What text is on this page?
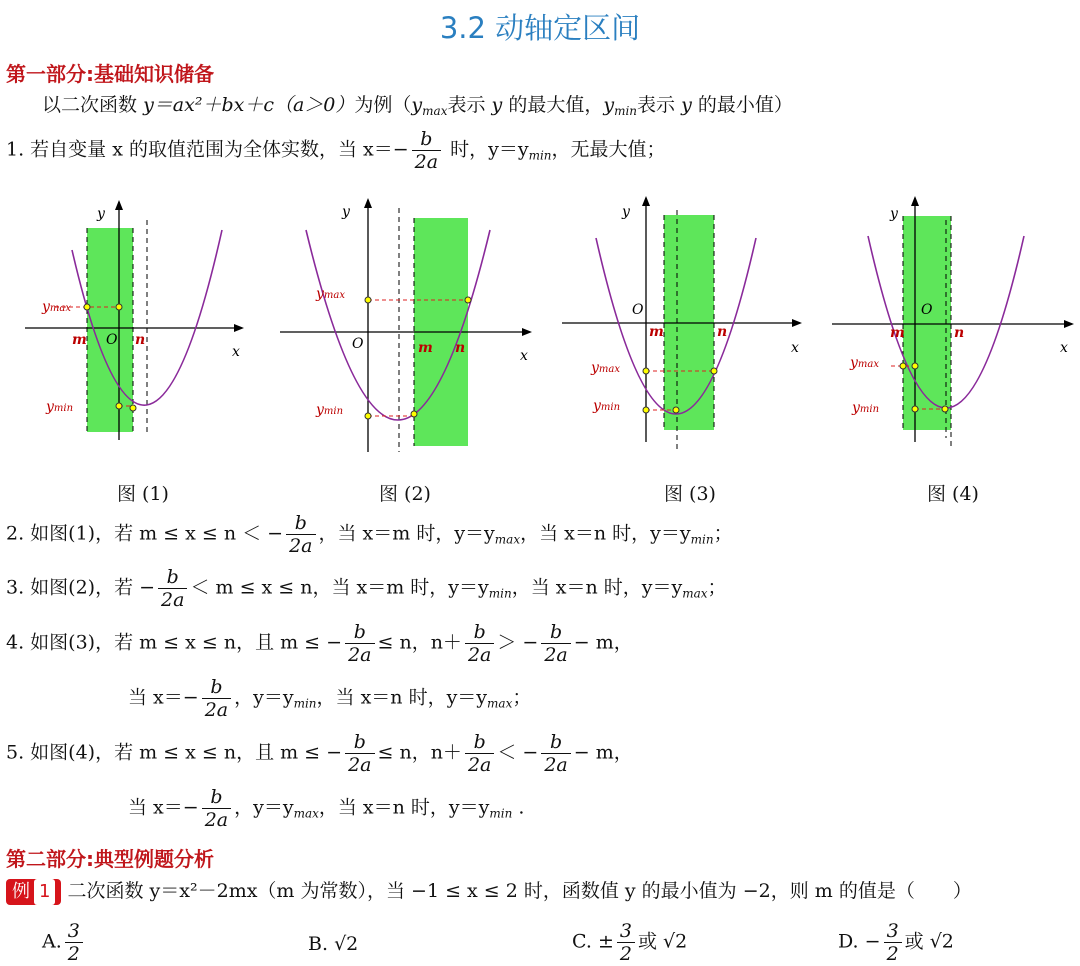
3.2 动轴定区间
第一部分:基础知识储备
以二次函数 y＝ax²＋bx＋c（a＞0）为例（$y_{max}$表示 y 的最大值，$y_{min}$表示 y 的最小值）
1. 若自变量 x 的取值范围为全体实数，当 $x=- \frac{b}{2a}$ 时，$y=y_{min}$，无最大值；
ymax
ymin
m	n
O
x
y
ymax
ymin
m n
O
x
y
ymax
ymin
m	n
O
x
y
ymax
ymin
m	n
O
x
y
图 (1)	图 (2)	图 (3)	图 (4)
2. 如图(1)，若 m ≤ x ≤ n ＜ − $\frac{b}{2a}$ ，当 x＝m 时，$y=y_{max}$，当 x＝n 时，$y=y_{min}$；
3. 如图(2)，若 − $\frac{b}{2a} < m \le x \le n$，当 x＝m 时，$y=y_{min}$，当 x＝n 时，$y=y_{max}$；
4. 如图(3)，若 m ≤ x ≤ n，且 m ≤ − $\frac{b}{2a} \le n$，$n+ \frac{b}{2a}$ ＞ − $\frac{b}{2a} - m$，
当 $x=- \frac{b}{2a}$ ，$y=y_{min}$，当 x＝n 时，$y=y_{max}$；
5. 如图(4)，若 m ≤ x ≤ n，且 m ≤ − $\frac{b}{2a} \le n$，$n+ \frac{b}{2a}$ ＜ − $\frac{b}{2a} - m$，
当 $x=- \frac{b}{2a}$ ，$y=y_{max}$，当 x＝n 时，$y=y_{min}$ .
第二部分:典型例题分析
例 1 二次函数 y＝x²－2mx（m 为常数），当 −1 ≤ x ≤ 2 时，函数值 y 的最小值为 −2，则 m 的值是（　　）
A. $\frac{3}{2}$	B. √2	C. ± $\frac{3}{2}$ 或 √2	D. − $\frac{3}{2}$ 或 √2
